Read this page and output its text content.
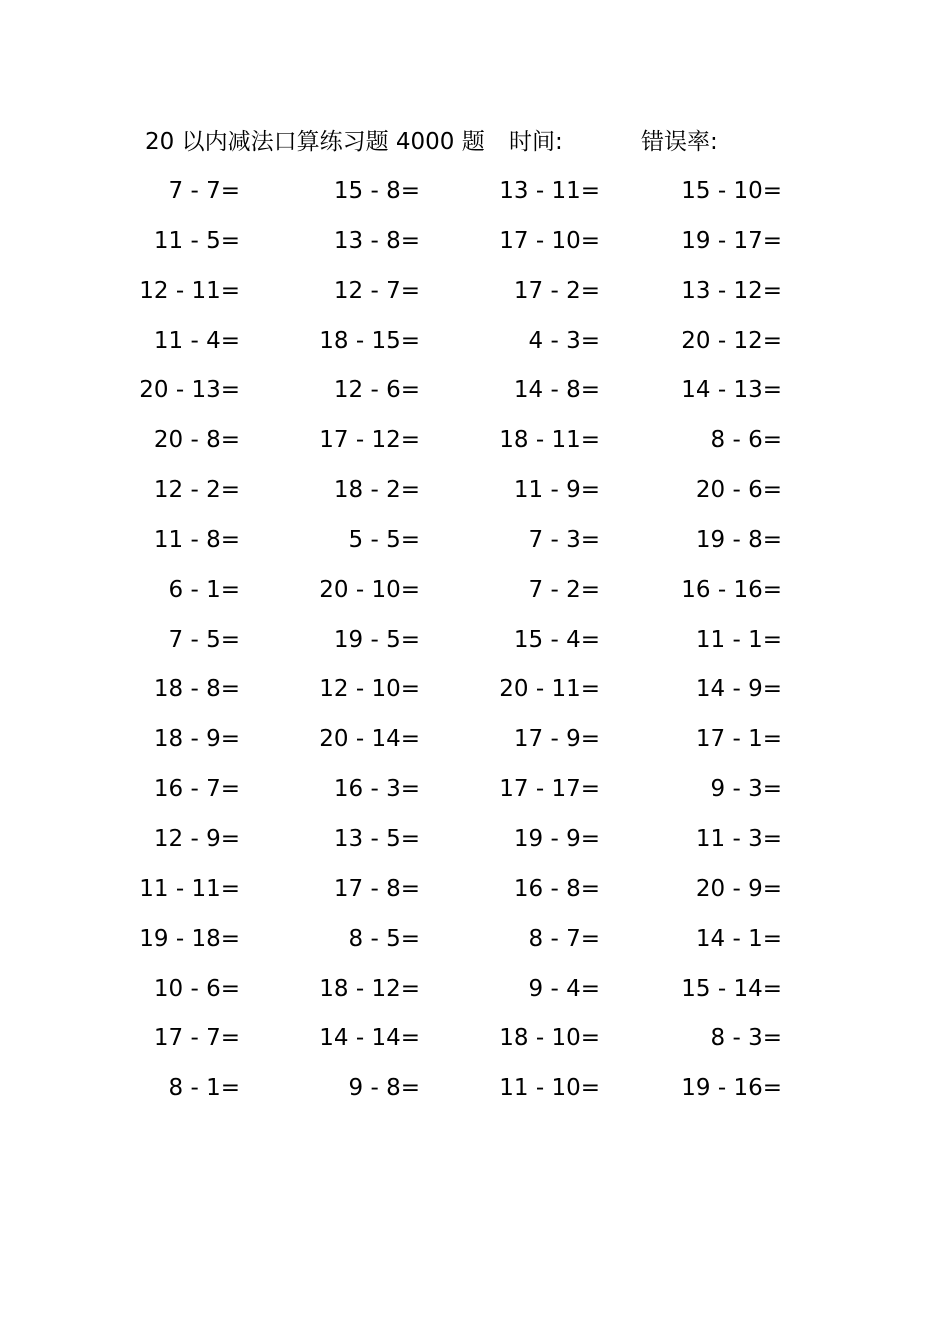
20 以内减法口算练习题 4000 题 时间:	错误率:
7 - 7=	15 - 8=	13 - 11=	15 - 10=
11 - 5=	13 - 8=	17 - 10=	19 - 17=
12 - 11=	12 - 7=	17 - 2=	13 - 12=
11 - 4=	18 - 15=	4 - 3=	20 - 12=
20 - 13=	12 - 6=	14 - 8=	14 - 13=
20 - 8=	17 - 12=	18 - 11=	8 - 6=
12 - 2=	18 - 2=	11 - 9=	20 - 6=
11 - 8=	5 - 5=	7 - 3=	19 - 8=
6 - 1=	20 - 10=	7 - 2=	16 - 16=
7 - 5=	19 - 5=	15 - 4=	11 - 1=
18 - 8=	12 - 10=	20 - 11=	14 - 9=
18 - 9=	20 - 14=	17 - 9=	17 - 1=
16 - 7=	16 - 3=	17 - 17=	9 - 3=
12 - 9=	13 - 5=	19 - 9=	11 - 3=
11 - 11=	17 - 8=	16 - 8=	20 - 9=
19 - 18=	8 - 5=	8 - 7=	14 - 1=
10 - 6=	18 - 12=	9 - 4=	15 - 14=
17 - 7=	14 - 14=	18 - 10=	8 - 3=
8 - 1=	9 - 8=	11 - 10=	19 - 16=
